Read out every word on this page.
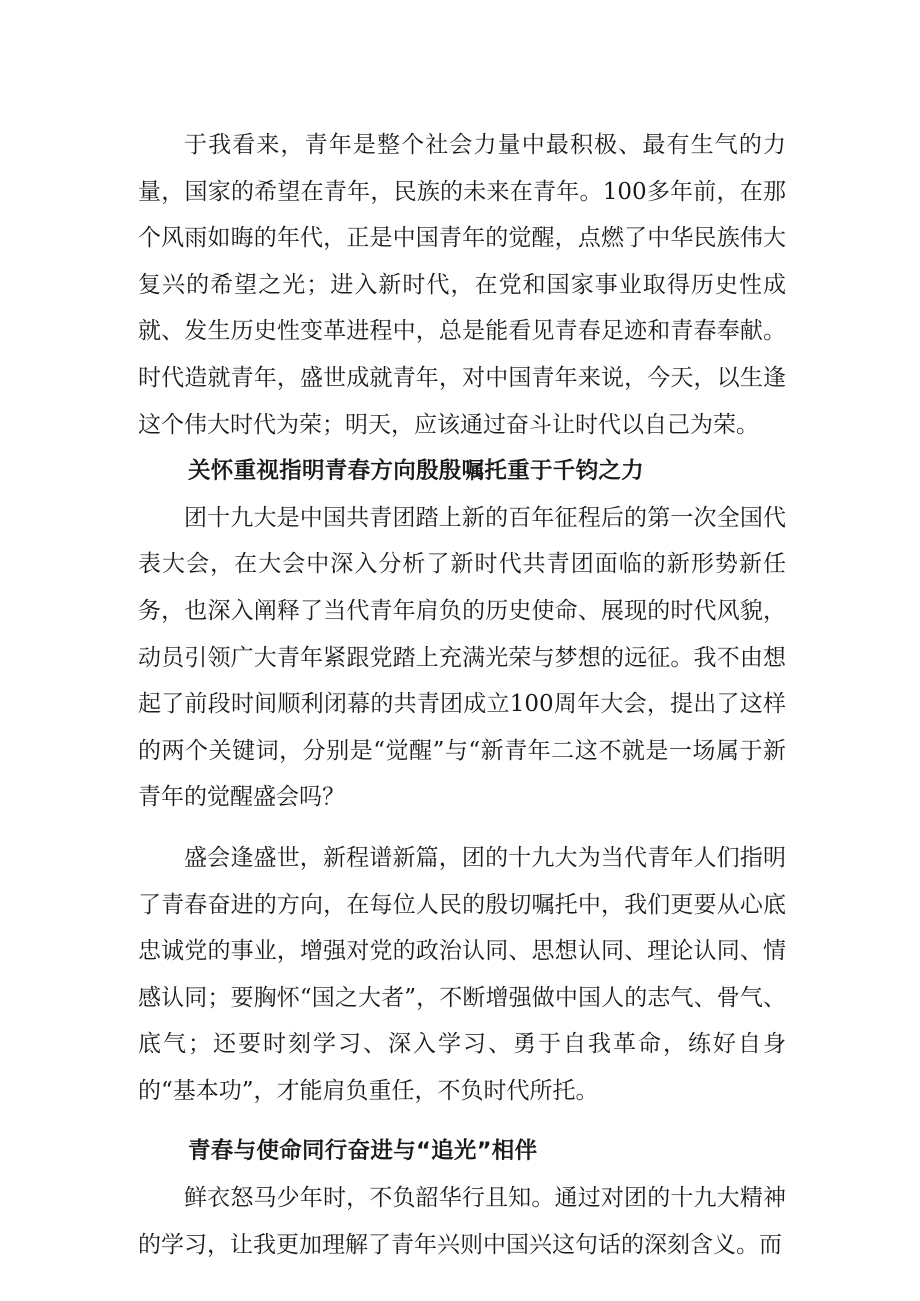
于我看来，青年是整个社会力量中最积极、最有生气的力量，国家的希望在青年，民族的未来在青年。100多年前，在那个风雨如晦的年代，正是中国青年的觉醒，点燃了中华民族伟大复兴的希望之光；进入新时代，在党和国家事业取得历史性成就、发生历史性变革进程中，总是能看见青春足迹和青春奉献。时代造就青年，盛世成就青年，对中国青年来说，今天，以生逢这个伟大时代为荣；明天，应该通过奋斗让时代以自己为荣。

关怀重视指明青春方向殷殷嘱托重于千钧之力

团十九大是中国共青团踏上新的百年征程后的第一次全国代表大会，在大会中深入分析了新时代共青团面临的新形势新任务，也深入阐释了当代青年肩负的历史使命、展现的时代风貌，动员引领广大青年紧跟党踏上充满光荣与梦想的远征。我不由想起了前段时间顺利闭幕的共青团成立100周年大会，提出了这样的两个关键词，分别是“觉醒”与“新青年二这不就是一场属于新青年的觉醒盛会吗？

盛会逢盛世，新程谱新篇，团的十九大为当代青年人们指明了青春奋进的方向，在每位人民的殷切嘱托中，我们更要从心底忠诚党的事业，增强对党的政治认同、思想认同、理论认同、情感认同；要胸怀“国之大者”，不断增强做中国人的志气、骨气、底气；还要时刻学习、深入学习、勇于自我革命，练好自身的“基本功”，才能肩负重任，不负时代所托。

青春与使命同行奋进与“追光”相伴

鲜衣怒马少年时，不负韶华行且知。通过对团的十九大精神的学习，让我更加理解了青年兴则中国兴这句话的深刻含义。而
